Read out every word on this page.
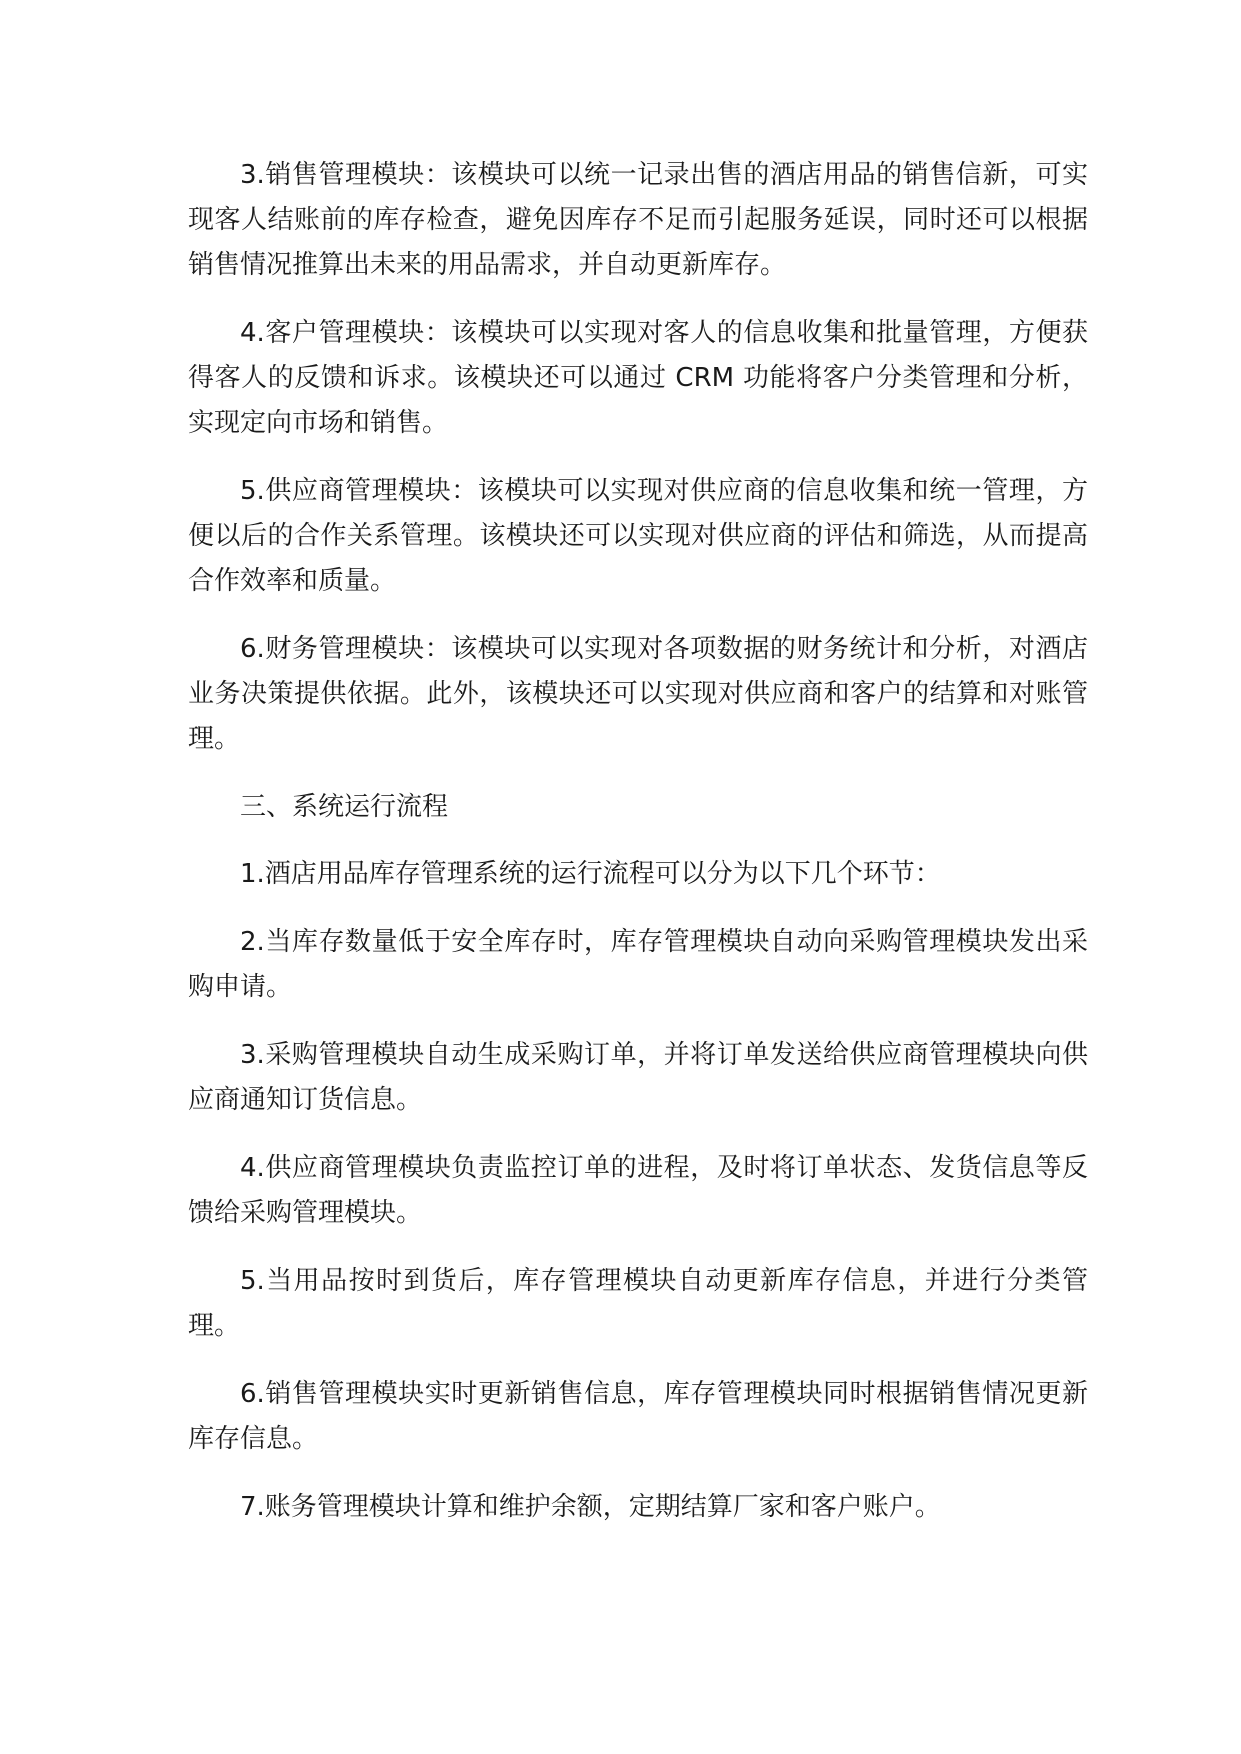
3.销售管理模块：该模块可以统一记录出售的酒店用品的销售信新，可实现客人结账前的库存检查，避免因库存不足而引起服务延误，同时还可以根据销售情况推算出未来的用品需求，并自动更新库存。

4.客户管理模块：该模块可以实现对客人的信息收集和批量管理，方便获得客人的反馈和诉求。该模块还可以通过 CRM 功能将客户分类管理和分析，实现定向市场和销售。

5.供应商管理模块：该模块可以实现对供应商的信息收集和统一管理，方便以后的合作关系管理。该模块还可以实现对供应商的评估和筛选，从而提高合作效率和质量。

6.财务管理模块：该模块可以实现对各项数据的财务统计和分析，对酒店业务决策提供依据。此外，该模块还可以实现对供应商和客户的结算和对账管理。

三、系统运行流程

1.酒店用品库存管理系统的运行流程可以分为以下几个环节：

2.当库存数量低于安全库存时，库存管理模块自动向采购管理模块发出采购申请。

3.采购管理模块自动生成采购订单，并将订单发送给供应商管理模块向供应商通知订货信息。

4.供应商管理模块负责监控订单的进程，及时将订单状态、发货信息等反馈给采购管理模块。

5.当用品按时到货后，库存管理模块自动更新库存信息，并进行分类管理。

6.销售管理模块实时更新销售信息，库存管理模块同时根据销售情况更新库存信息。

7.账务管理模块计算和维护余额，定期结算厂家和客户账户。
